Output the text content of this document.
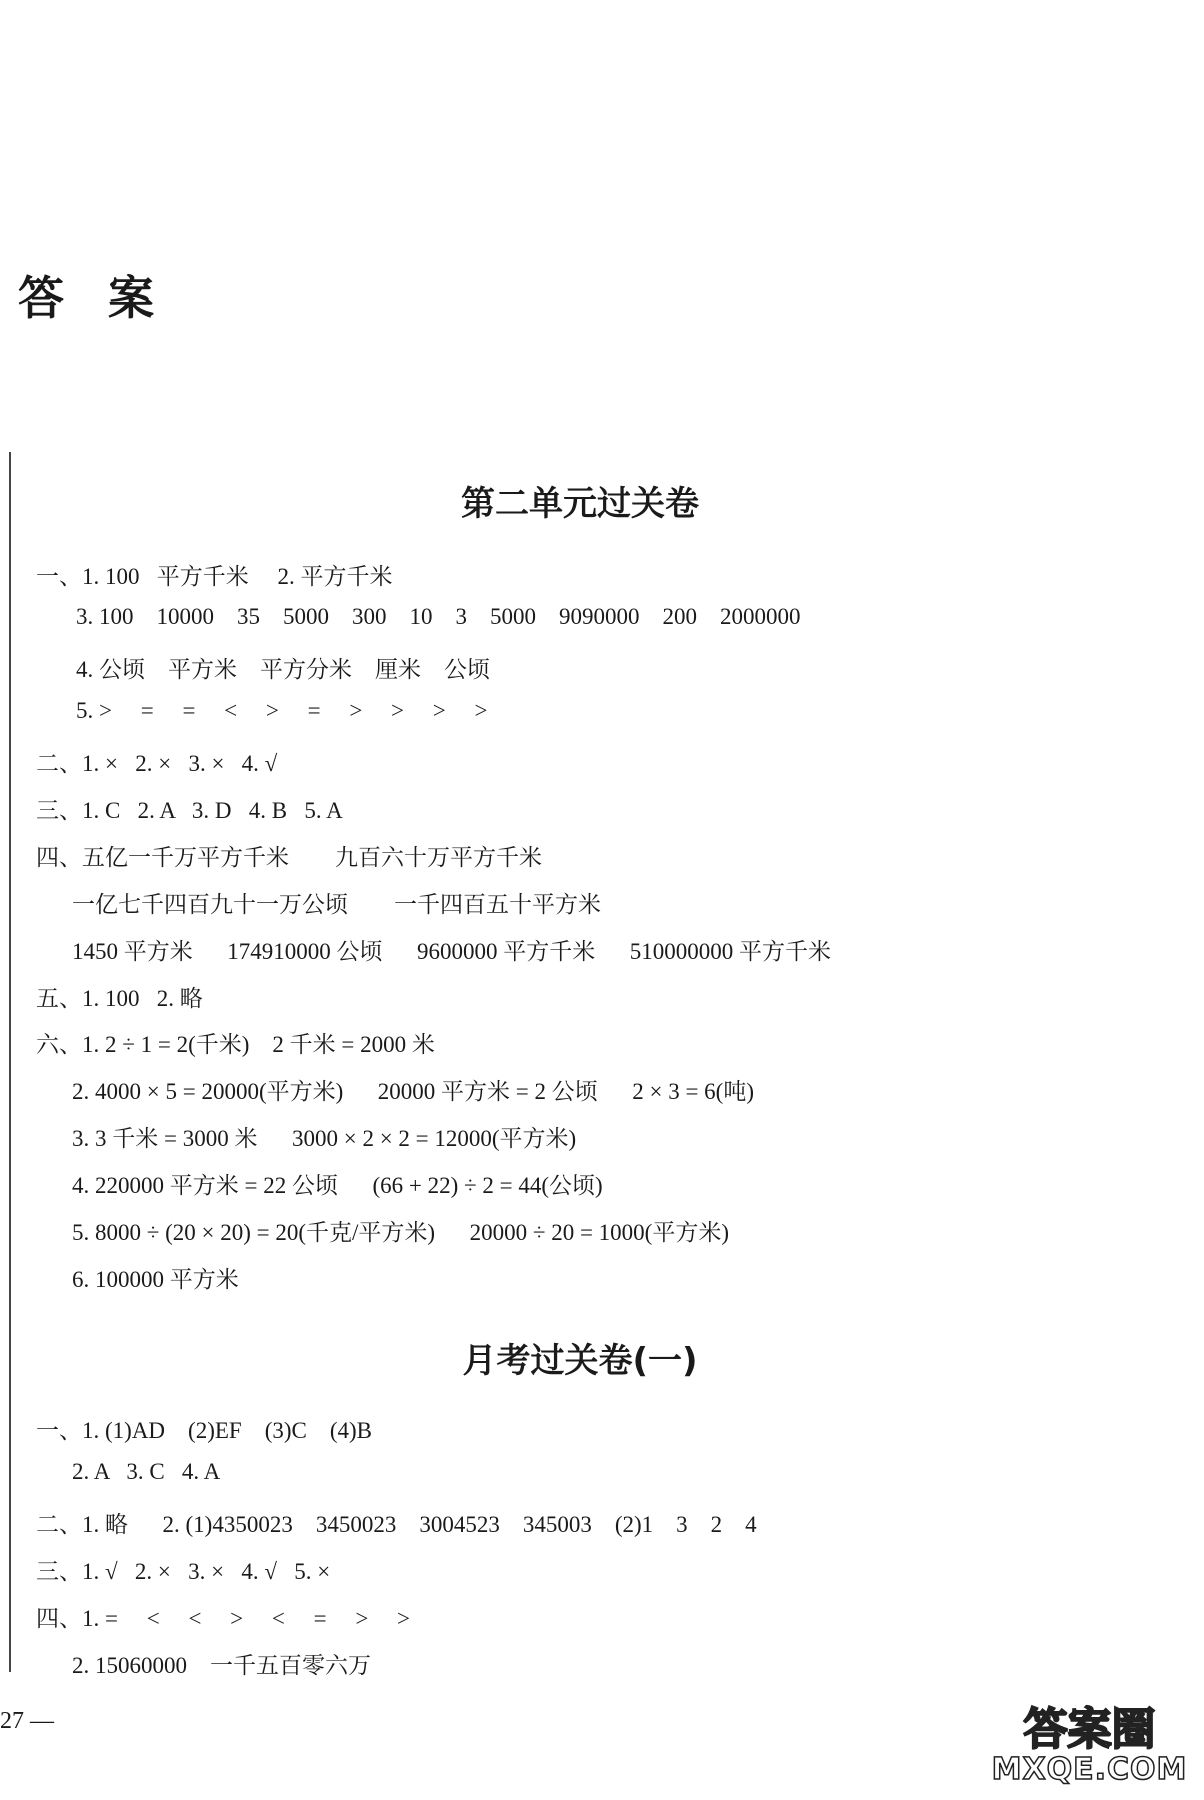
答 案
第二单元过关卷
一、1. 100   平方千米     2. 平方千米
3. 100    10000    35    5000    300    10    3    5000    9090000    200    2000000
4. 公顷    平方米    平方分米    厘米    公顷
5. >     =     =     <     >     =     >     >     >     >
二、1. ×   2. ×   3. ×   4. √
三、1. C   2. A   3. D   4. B   5. A
四、五亿一千万平方千米        九百六十万平方千米
一亿七千四百九十一万公顷        一千四百五十平方米
1450 平方米      174910000 公顷      9600000 平方千米      510000000 平方千米
五、1. 100   2. 略
六、1. 2 ÷ 1 = 2(千米)    2 千米 = 2000 米
2. 4000 × 5 = 20000(平方米)      20000 平方米 = 2 公顷      2 × 3 = 6(吨)
3. 3 千米 = 3000 米      3000 × 2 × 2 = 12000(平方米)
4. 220000 平方米 = 22 公顷      (66 + 22) ÷ 2 = 44(公顷)
5. 8000 ÷ (20 × 20) = 20(千克/平方米)      20000 ÷ 20 = 1000(平方米)
6. 100000 平方米
月考过关卷(一)
一、1. (1)AD    (2)EF    (3)C    (4)B
2. A   3. C   4. A
二、1. 略      2. (1)4350023    3450023    3004523    345003    (2)1    3    2    4
三、1. √   2. ×   3. ×   4. √   5. ×
四、1. =     <     <     >     <     =     >     >
2. 15060000    一千五百零六万
27 —	答案圈
MXQE.COM
